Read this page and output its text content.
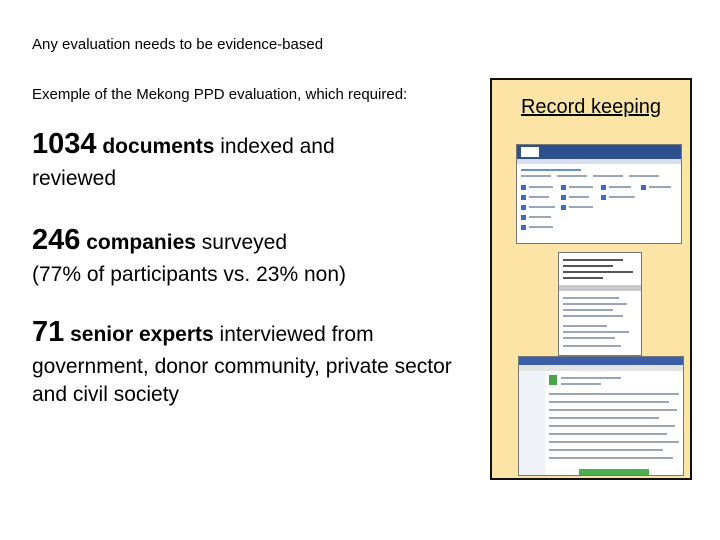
Any evaluation needs to be evidence-based
Exemple of the Mekong PPD evaluation, which required:
1034 documents indexed and
reviewed
246 companies surveyed
(77% of participants vs. 23% non)
71 senior experts interviewed from
government, donor community, private sector and civil society
Record keeping
